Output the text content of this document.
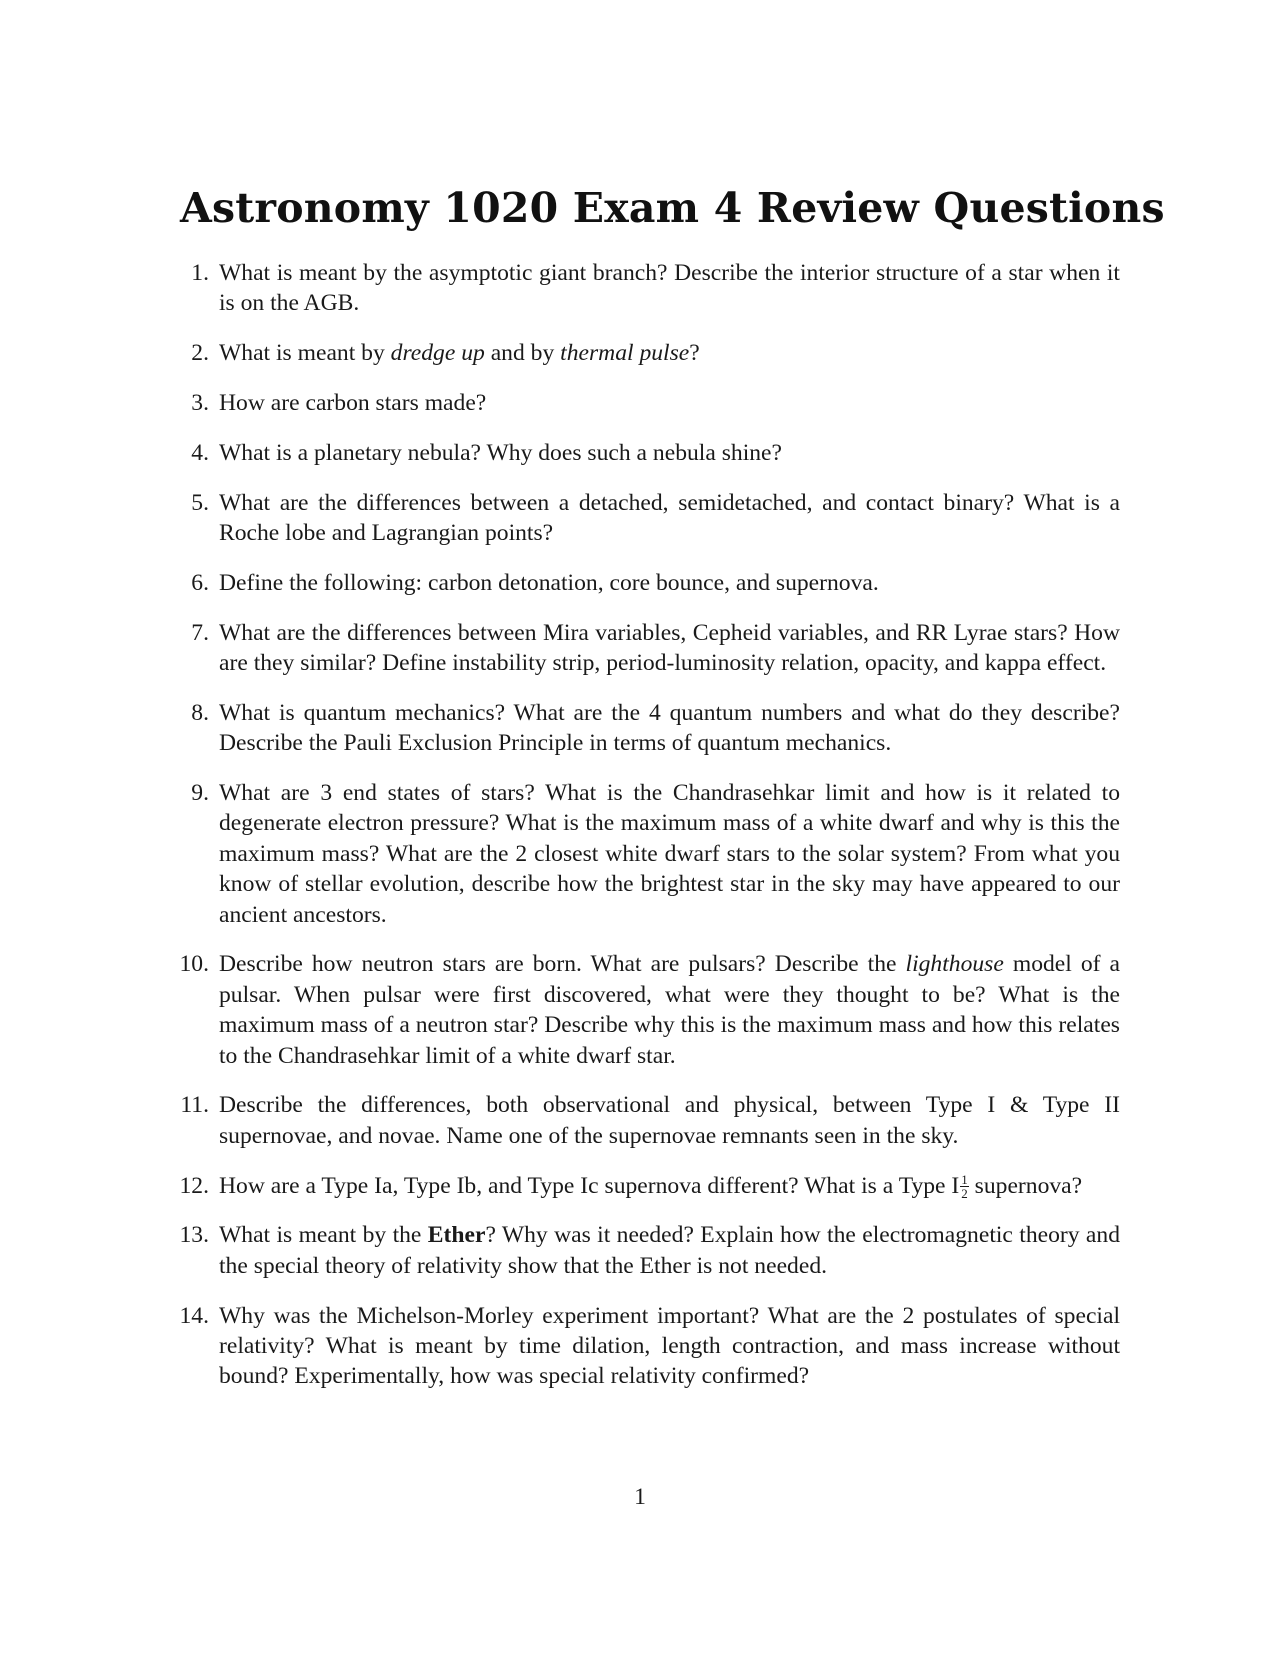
Astronomy 1020 Exam 4 Review Questions
1. What is meant by the asymptotic giant branch? Describe the interior structure of a star when it is on the AGB.
2. What is meant by dredge up and by thermal pulse?
3. How are carbon stars made?
4. What is a planetary nebula? Why does such a nebula shine?
5. What are the differences between a detached, semidetached, and contact binary? What is a Roche lobe and Lagrangian points?
6. Define the following: carbon detonation, core bounce, and supernova.
7. What are the differences between Mira variables, Cepheid variables, and RR Lyrae stars? How are they similar? Define instability strip, period-luminosity relation, opacity, and kappa effect.
8. What is quantum mechanics? What are the 4 quantum numbers and what do they describe? Describe the Pauli Exclusion Principle in terms of quantum mechanics.
9. What are 3 end states of stars? What is the Chandrasehkar limit and how is it related to degenerate electron pressure? What is the maximum mass of a white dwarf and why is this the maximum mass? What are the 2 closest white dwarf stars to the solar system? From what you know of stellar evolution, describe how the brightest star in the sky may have appeared to our ancient ancestors.
10. Describe how neutron stars are born. What are pulsars? Describe the lighthouse model of a pulsar. When pulsar were first discovered, what were they thought to be? What is the maximum mass of a neutron star? Describe why this is the maximum mass and how this relates to the Chandrasehkar limit of a white dwarf star.
11. Describe the differences, both observational and physical, between Type I & Type II supernovae, and novae. Name one of the supernovae remnants seen in the sky.
12. How are a Type Ia, Type Ib, and Type Ic supernova different? What is a Type I $\frac{1}{2}$ supernova?
13. What is meant by the Ether? Why was it needed? Explain how the electromagnetic theory and the special theory of relativity show that the Ether is not needed.
14. Why was the Michelson-Morley experiment important? What are the 2 postulates of special relativity? What is meant by time dilation, length contraction, and mass increase without bound? Experimentally, how was special relativity confirmed?
1
